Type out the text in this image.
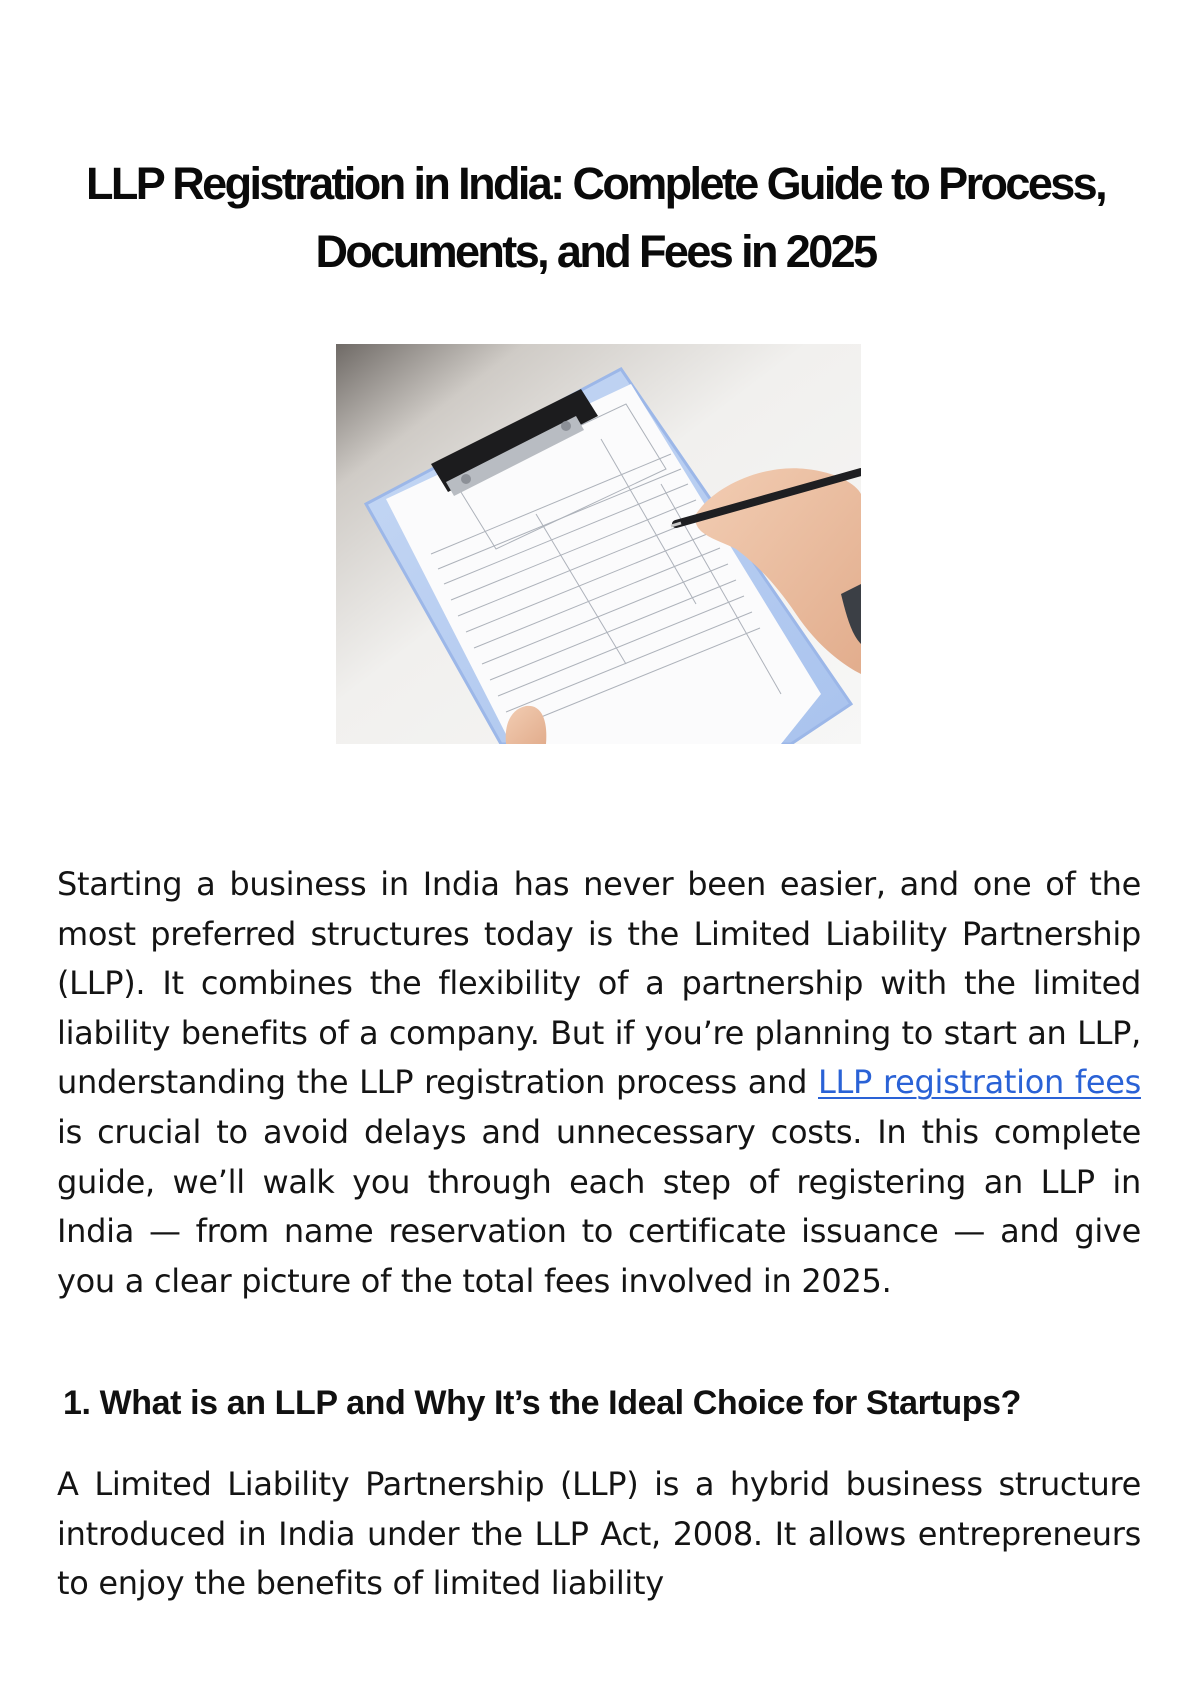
LLP Registration in India: Complete Guide to Process,
Documents, and Fees in 2025

Starting a business in India has never been easier, and one of the most preferred structures today is the Limited Liability Partnership (LLP). It combines the flexibility of a partnership with the limited liability benefits of a company. But if you’re planning to start an LLP, understanding the LLP registration process and LLP registration fees is crucial to avoid delays and unnecessary costs. In this complete guide, we’ll walk you through each step of registering an LLP in India — from name reservation to certificate issuance — and give you a clear picture of the total fees involved in 2025.

1. What is an LLP and Why It’s the Ideal Choice for Startups?

A Limited Liability Partnership (LLP) is a hybrid business structure introduced in India under the LLP Act, 2008. It allows entrepreneurs to enjoy the benefits of limited liability
